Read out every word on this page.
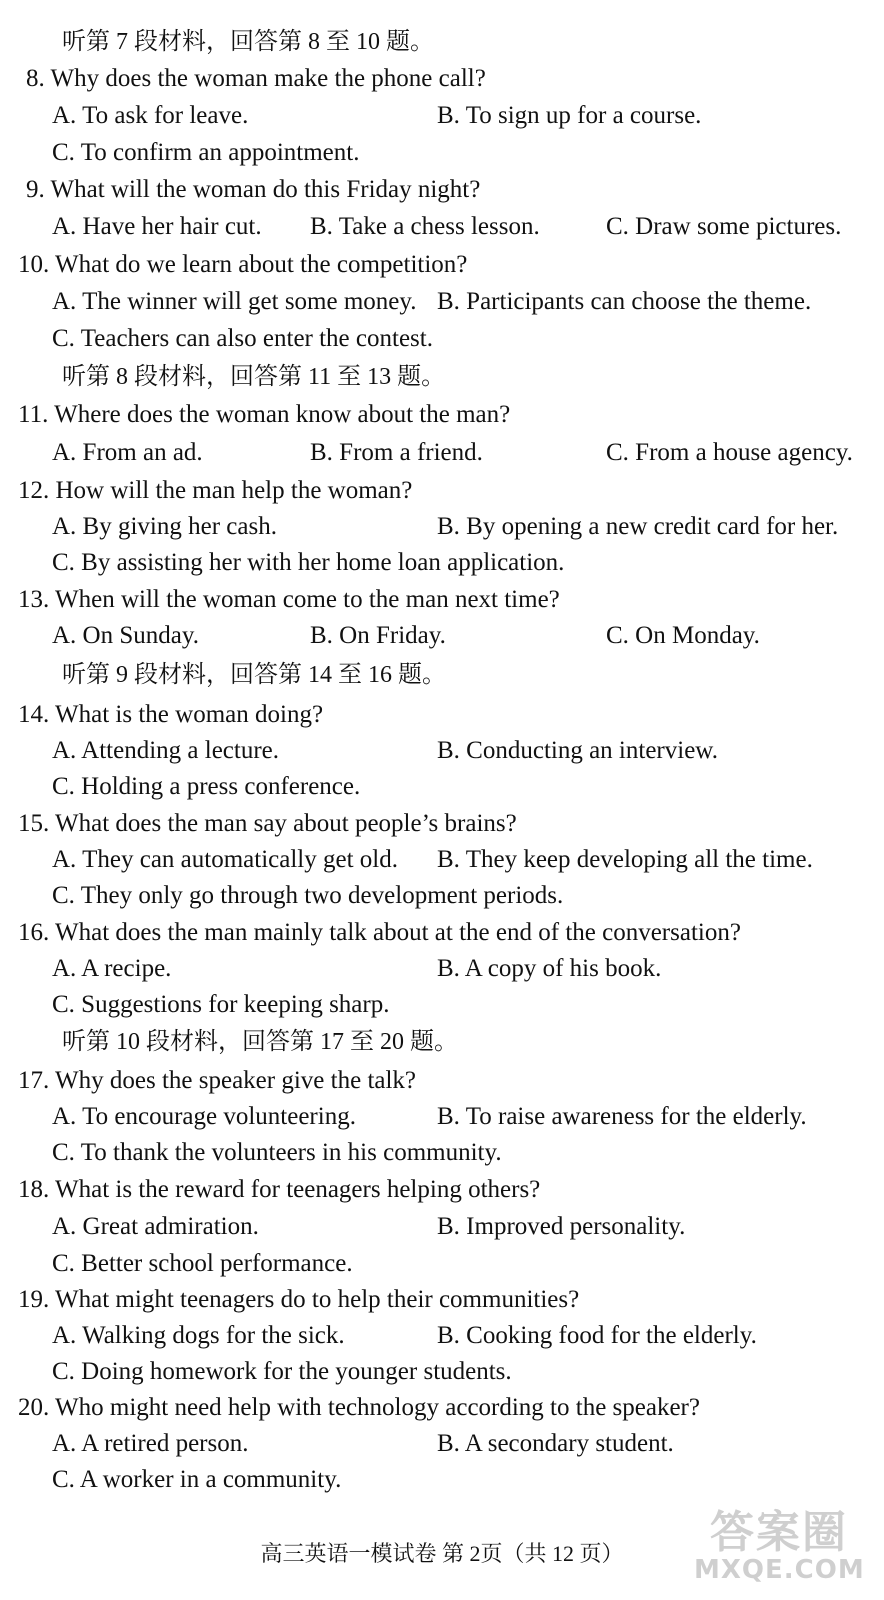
听第 7 段材料，回答第 8 至 10 题。
8. Why does the woman make the phone call?
A. To ask for leave.	B. To sign up for a course.
C. To confirm an appointment.
9. What will the woman do this Friday night?
A. Have her hair cut. B. Take a chess lesson.	C. Draw some pictures.
10. What do we learn about the competition?
A. The winner will get some money. B. Participants can choose the theme.
C. Teachers can also enter the contest.
听第 8 段材料，回答第 11 至 13 题。
11. Where does the woman know about the man?
A. From an ad.	B. From a friend.	C. From a house agency.
12. How will the man help the woman?
A. By giving her cash.	B. By opening a new credit card for her.
C. By assisting her with her home loan application.
13. When will the woman come to the man next time?
A. On Sunday.	B. On Friday.	C. On Monday.
听第 9 段材料，回答第 14 至 16 题。
14. What is the woman doing?
A. Attending a lecture.	B. Conducting an interview.
C. Holding a press conference.
15. What does the man say about people’s brains?
A. They can automatically get old. B. They keep developing all the time.
C. They only go through two development periods.
16. What does the man mainly talk about at the end of the conversation?
A. A recipe.	B. A copy of his book.
C. Suggestions for keeping sharp.
听第 10 段材料，回答第 17 至 20 题。
17. Why does the speaker give the talk?
A. To encourage volunteering.	B. To raise awareness for the elderly.
C. To thank the volunteers in his community.
18. What is the reward for teenagers helping others?
A. Great admiration.	B. Improved personality.
C. Better school performance.
19. What might teenagers do to help their communities?
A. Walking dogs for the sick.	B. Cooking food for the elderly.
C. Doing homework for the younger students.
20. Who might need help with technology according to the speaker?
A. A retired person.	B. A secondary student.
C. A worker in a community.
高三英语一模试卷 第 2页（共 12 页）	答案圈
MXQE.COM
